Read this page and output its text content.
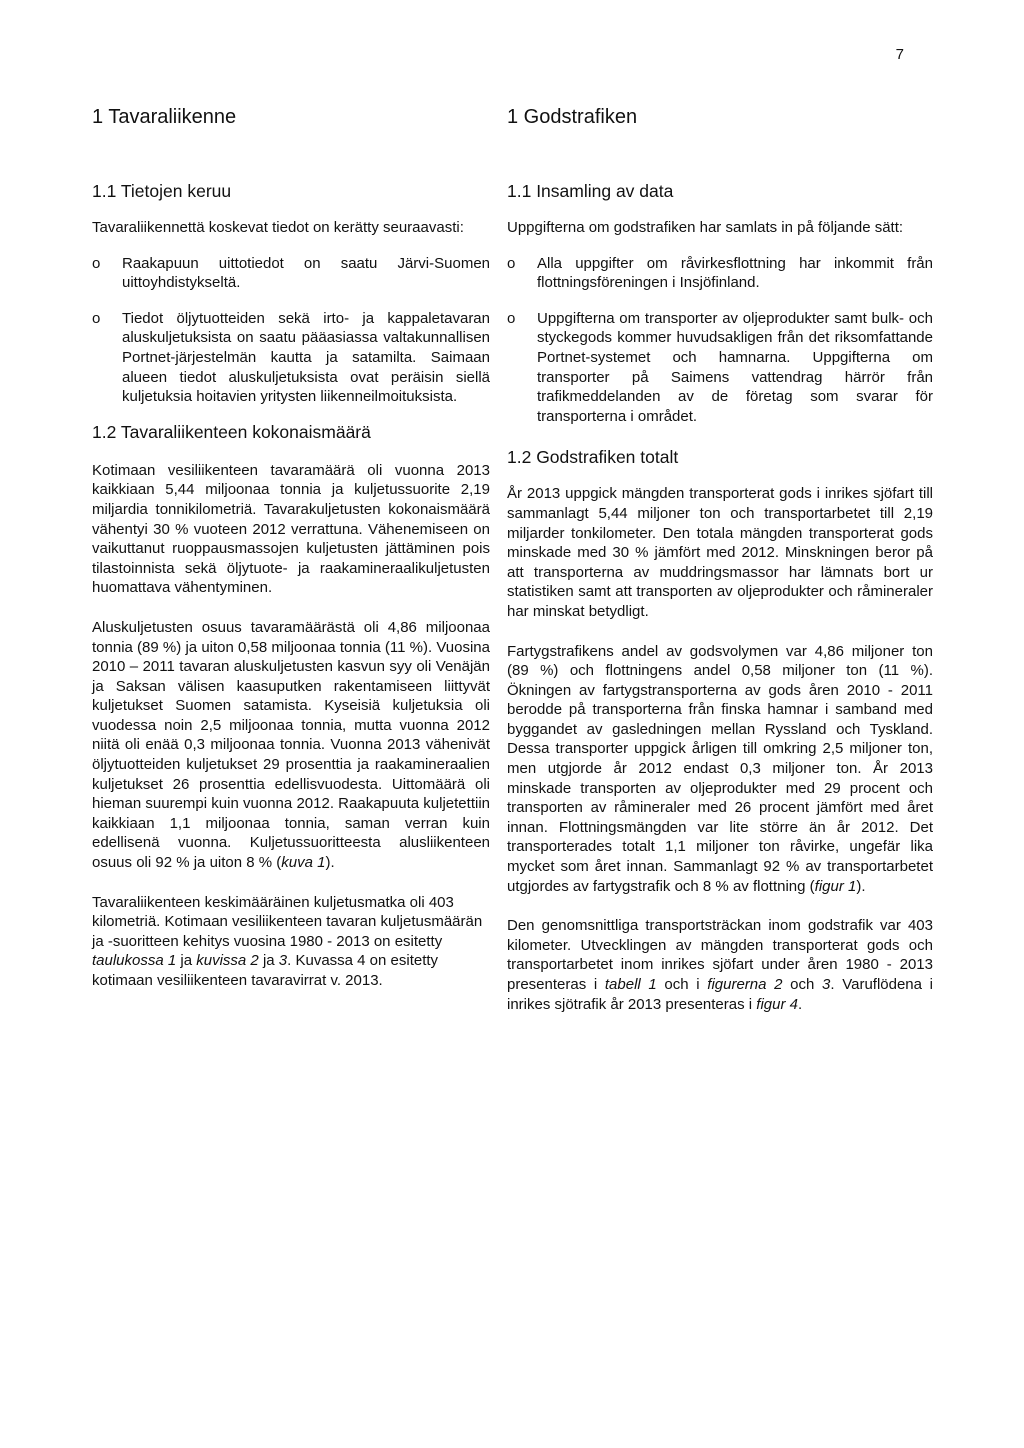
7
1 Tavaraliikenne
1.1 Tietojen keruu

Tavaraliikennettä koskevat tiedot on kerätty seuraavasti:

o	Raakapuun uittotiedot on saatu Järvi-Suomen uittoyhdistykseltä.
o	Tiedot öljytuotteiden sekä irto- ja kappaletavaran aluskuljetuksista on saatu pääasiassa valtakunnallisen Portnet-järjestelmän kautta ja satamilta. Saimaan alueen tiedot aluskuljetuksista ovat peräisin siellä kuljetuksia hoitavien yritysten liikenneilmoituksista.
1.2 Tavaraliikenteen kokonaismäärä

Kotimaan vesiliikenteen tavaramäärä oli vuonna 2013 kaikkiaan 5,44 miljoonaa tonnia ja kuljetussuorite 2,19 miljardia tonnikilometriä. Tavarakuljetusten kokonaismäärä vähentyi 30 % vuoteen 2012 verrattuna. Vähenemiseen on vaikuttanut ruoppausmassojen kuljetusten jättäminen pois tilastoinnista sekä öljytuote- ja raakamineraalikuljetusten huomattava vähentyminen.

Aluskuljetusten osuus tavaramäärästä oli 4,86 miljoonaa tonnia (89 %) ja uiton 0,58 miljoonaa tonnia (11 %). Vuosina 2010 – 2011 tavaran aluskuljetusten kasvun syy oli Venäjän ja Saksan välisen kaasuputken rakentamiseen liittyvät kuljetukset Suomen satamista. Kyseisiä kuljetuksia oli vuodessa noin 2,5 miljoonaa tonnia, mutta vuonna 2012 niitä oli enää 0,3 miljoonaa tonnia. Vuonna 2013 vähenivät öljytuotteiden kuljetukset 29 prosenttia ja raakamineraalien kuljetukset 26 prosenttia edellisvuodesta. Uittomäärä oli hieman suurempi kuin vuonna 2012. Raakapuuta kuljetettiin kaikkiaan 1,1 miljoonaa tonnia, saman verran kuin edellisenä vuonna. Kuljetussuoritteesta alusliikenteen osuus oli 92 % ja uiton 8 % (kuva 1).

Tavaraliikenteen keskimääräinen kuljetusmatka oli 403 kilometriä. Kotimaan vesiliikenteen tavaran kuljetusmäärän ja -suoritteen kehitys vuosina 1980 - 2013 on esitetty taulukossa 1 ja kuvissa 2 ja 3. Kuvassa 4 on esitetty kotimaan vesiliikenteen tavaravirrat v. 2013.

1 Godstrafiken
1.1 Insamling av data

Uppgifterna om godstrafiken har samlats in på följande sätt:

o	Alla uppgifter om råvirkesflottning har inkommit från flottningsföreningen i Insjöfinland.
o	Uppgifterna om transporter av oljeprodukter samt bulk- och styckegods kommer huvudsakligen från det riksomfattande Portnet-systemet och hamnarna. Uppgifterna om transporter på Saimens vattendrag härrör från trafikmeddelanden av de företag som svarar för transporterna i området.
1.2 Godstrafiken totalt

År 2013 uppgick mängden transporterat gods i inrikes sjöfart till sammanlagt 5,44 miljoner ton och transportarbetet till 2,19 miljarder tonkilometer. Den totala mängden transporterat gods minskade med 30 % jämfört med 2012. Minskningen beror på att transporterna av muddringsmassor har lämnats bort ur statistiken samt att transporten av oljeprodukter och råmineraler har minskat betydligt.

Fartygstrafikens andel av godsvolymen var 4,86 miljoner ton (89 %) och flottningens andel 0,58 miljoner ton (11 %). Ökningen av fartygstransporterna av gods åren 2010 - 2011 berodde på transporterna från finska hamnar i samband med byggandet av gasledningen mellan Ryssland och Tyskland. Dessa transporter uppgick årligen till omkring 2,5 miljoner ton, men utgjorde år 2012 endast 0,3 miljoner ton. År 2013 minskade transporten av oljeprodukter med 29 procent och transporten av råmineraler med 26 procent jämfört med året innan. Flottningsmängden var lite större än år 2012. Det transporterades totalt 1,1 miljoner ton råvirke, ungefär lika mycket som året innan. Sammanlagt 92 % av transportarbetet utgjordes av fartygstrafik och 8 % av flottning (figur 1).

Den genomsnittliga transportsträckan inom godstrafik var 403 kilometer. Utvecklingen av mängden transporterat gods och transportarbetet inom inrikes sjöfart under åren 1980 - 2013 presenteras i tabell 1 och i figurerna 2 och 3. Varuflödena i inrikes sjötrafik år 2013 presenteras i figur 4.
